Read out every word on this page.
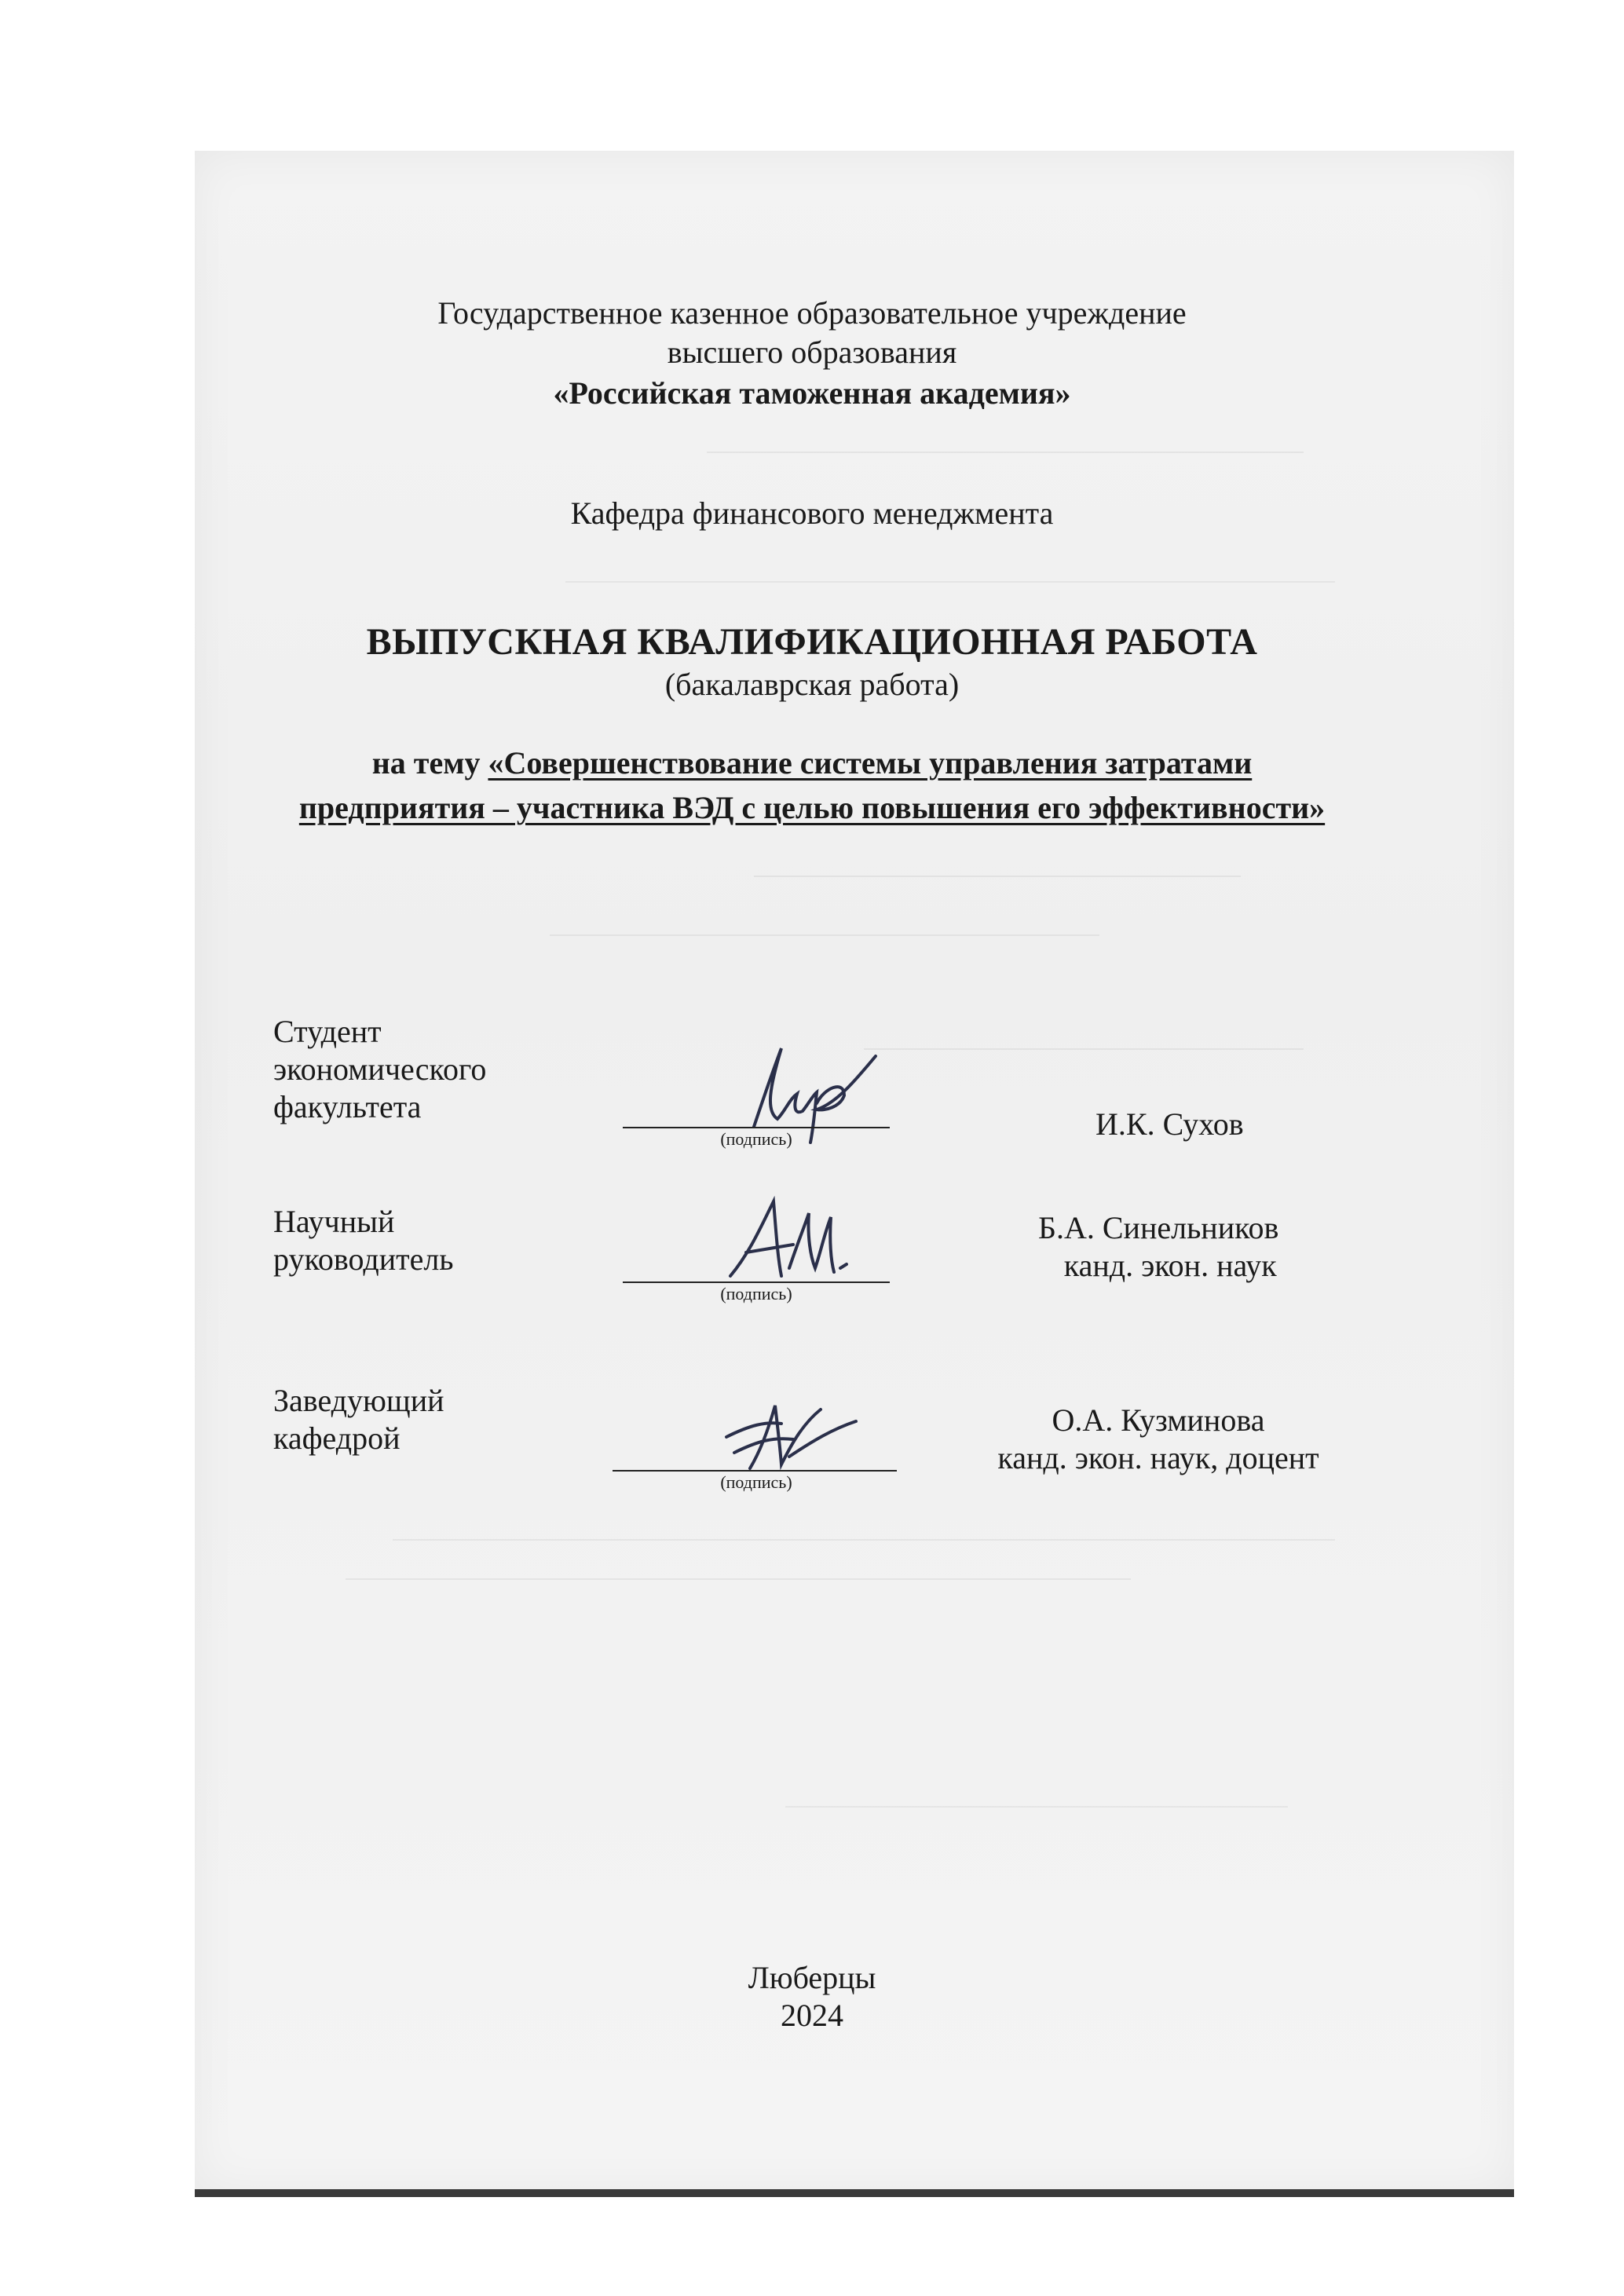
Государственное казенное образовательное учреждение
высшего образования
«Российская таможенная академия»
Кафедра финансового менеджмента
ВЫПУСКНАЯ КВАЛИФИКАЦИОННАЯ РАБОТА
(бакалаврская работа)
на тему «Совершенствование системы управления затратами
предприятия – участника ВЭД с целью повышения его эффективности»
Студент
экономического
факультета
(подпись)	И.К. Сухов
Научный
руководитель
(подпись)
Б.А. Синельников
канд. экон. наук
Заведующий
кафедрой
(подпись)
О.А. Кузминова
канд. экон. наук, доцент
Люберцы
2024
